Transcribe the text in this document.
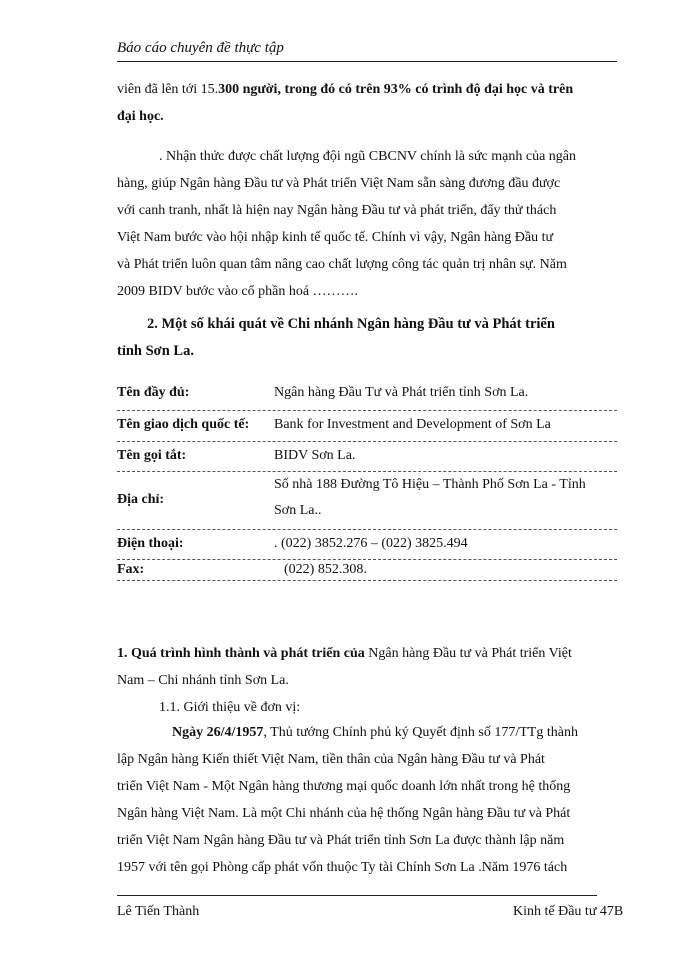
Báo cáo chuyên đề thực tập
viên đã lên tới 15.300 người, trong đó có trên 93% có trình độ đại học và trên
đại học.
. Nhận thức được chất lượng đội ngũ CBCNV chính là sức mạnh của ngân
hàng, giúp Ngân hàng Đầu tư và Phát triển Việt Nam sẵn sàng đương đầu được
với canh tranh, nhất là hiện nay Ngân hàng Đầu tư và phát triển, đẩy thử thách
Việt Nam bước vào hội nhập kinh tế quốc tế. Chính vì vậy, Ngân hàng Đầu tư
và Phát triển luôn quan tâm nâng cao chất lượng công tác quản trị nhân sự. Năm
2009 BIDV bước vào cổ phần hoá ……….
2. Một số khái quát về Chi nhánh Ngân hàng Đầu tư và Phát triển
tỉnh Sơn La.
Tên đầy đủ:	Ngân hàng Đầu Tư và Phát triển tỉnh Sơn La.
Tên giao dịch quốc tế: Bank for Investment and Development of Sơn La
Tên gọi tắt:	BIDV Sơn La.
Địa chỉ:
Số nhà 188 Đường Tô Hiệu – Thành Phố Sơn La - Tỉnh
Sơn La..
Điện thoại:	. (022) 3852.276 – (022) 3825.494
Fax:	(022) 852.308.
1. Quá trình hình thành và phát triển của Ngân hàng Đầu tư và Phát triển Việt
Nam – Chi nhánh tỉnh Sơn La.
1.1. Giới thiệu về đơn vị:
Ngày 26/4/1957, Thủ tướng Chính phủ ký Quyết định số 177/TTg thành
lập Ngân hàng Kiến thiết Việt Nam, tiền thân của Ngân hàng Đầu tư và Phát
triển Việt Nam - Một Ngân hàng thương mại quốc doanh lớn nhất trong hệ thống
Ngân hàng Việt Nam. Là một Chi nhánh của hệ thống Ngân hàng Đầu tư và Phát
triển Việt Nam Ngân hàng Đầu tư và Phát triển tỉnh Sơn La được thành lập năm
1957 với tên gọi Phòng cấp phát vốn thuộc Ty tài Chính Sơn La .Năm 1976 tách
Lê Tiến Thành	Kinh tế Đầu tư 47B
